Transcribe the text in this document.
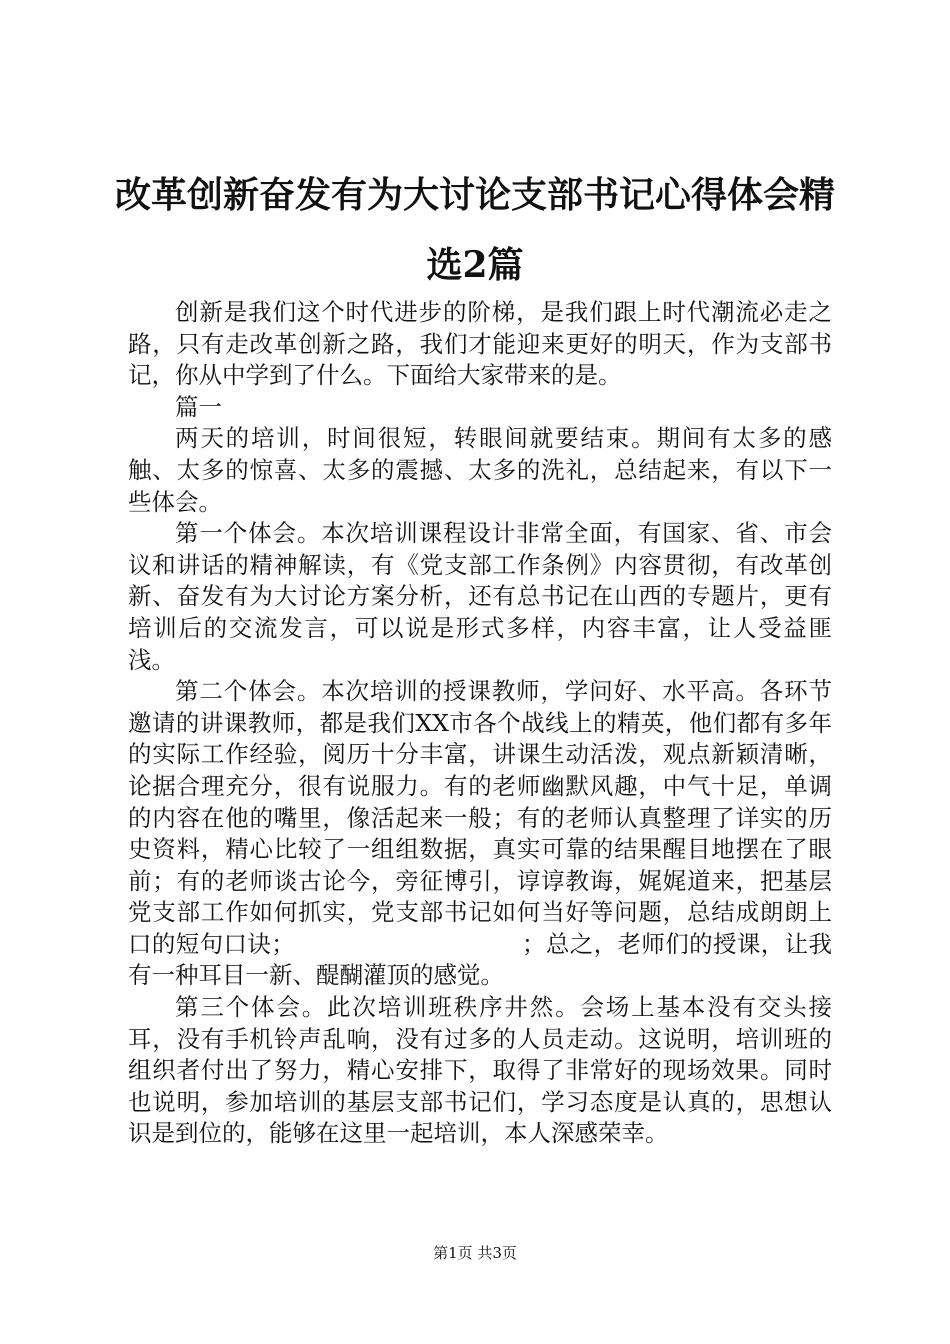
改革创新奋发有为大讨论支部书记心得体会精选2篇

创新是我们这个时代进步的阶梯，是我们跟上时代潮流必走之路，只有走改革创新之路，我们才能迎来更好的明天，作为支部书记，你从中学到了什么。下面给大家带来的是。

篇一

两天的培训，时间很短，转眼间就要结束。期间有太多的感触、太多的惊喜、太多的震撼、太多的洗礼，总结起来，有以下一些体会。

第一个体会。本次培训课程设计非常全面，有国家、省、市会议和讲话的精神解读，有《党支部工作条例》内容贯彻，有改革创新、奋发有为大讨论方案分析，还有总书记在山西的专题片，更有培训后的交流发言，可以说是形式多样，内容丰富，让人受益匪浅。

第二个体会。本次培训的授课教师，学问好、水平高。各环节邀请的讲课教师，都是我们XX市各个战线上的精英，他们都有多年的实际工作经验，阅历十分丰富，讲课生动活泼，观点新颖清晰，论据合理充分，很有说服力。有的老师幽默风趣，中气十足，单调的内容在他的嘴里，像活起来一般；有的老师认真整理了详实的历史资料，精心比较了一组组数据，真实可靠的结果醒目地摆在了眼前；有的老师谈古论今，旁征博引，谆谆教诲，娓娓道来，把基层党支部工作如何抓实，党支部书记如何当好等问题，总结成朗朗上口的短句口诀；　　　　　　　　　　；总之，老师们的授课，让我有一种耳目一新、醍醐灌顶的感觉。

第三个体会。此次培训班秩序井然。会场上基本没有交头接耳，没有手机铃声乱响，没有过多的人员走动。这说明，培训班的组织者付出了努力，精心安排下，取得了非常好的现场效果。同时也说明，参加培训的基层支部书记们，学习态度是认真的，思想认识是到位的，能够在这里一起培训，本人深感荣幸。

第1页 共3页
